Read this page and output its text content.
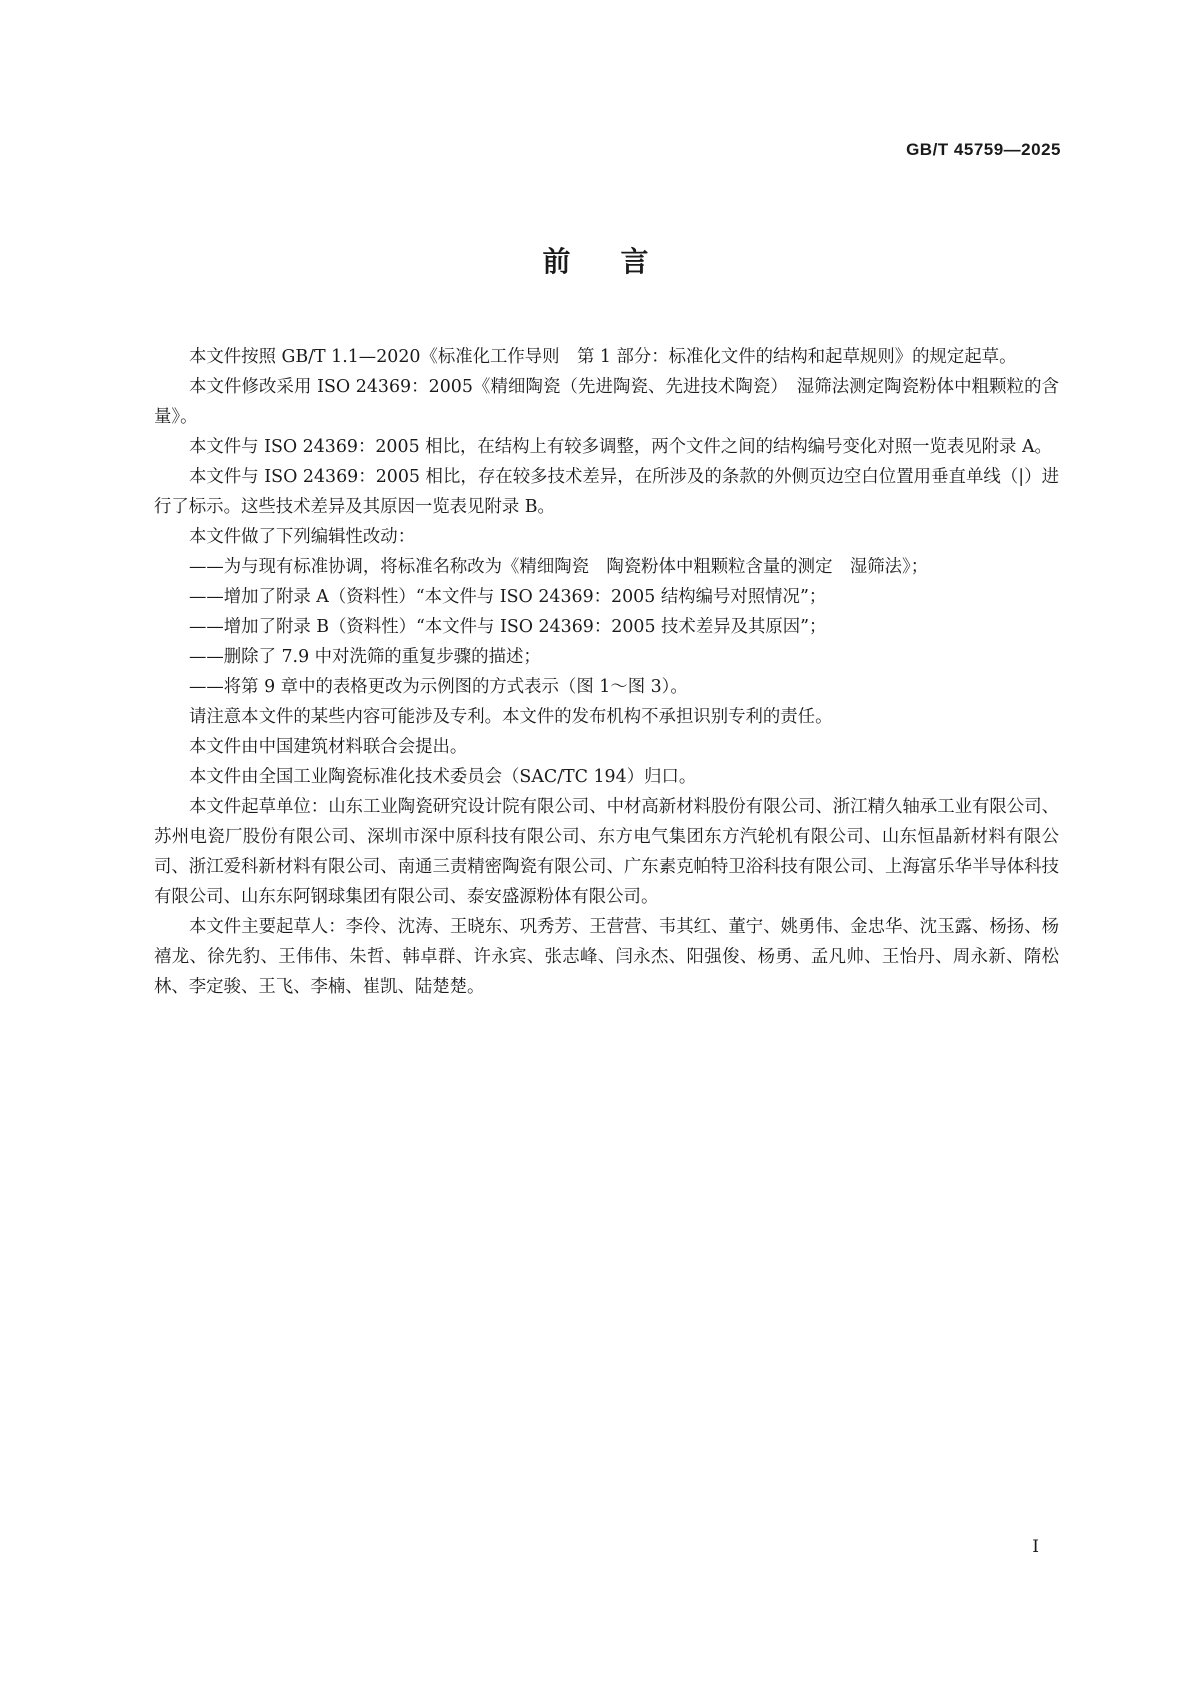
GB/T 45759—2025
前言

本文件按照 GB/T 1.1—2020《标准化工作导则　第 1 部分：标准化文件的结构和起草规则》的规定起草。

本文件修改采用 ISO 24369：2005《精细陶瓷（先进陶瓷、先进技术陶瓷）　湿筛法测定陶瓷粉体中粗颗粒的含量》。

本文件与 ISO 24369：2005 相比，在结构上有较多调整，两个文件之间的结构编号变化对照一览表见附录 A。

本文件与 ISO 24369：2005 相比，存在较多技术差异，在所涉及的条款的外侧页边空白位置用垂直单线（|）进行了标示。这些技术差异及其原因一览表见附录 B。

本文件做了下列编辑性改动：

——为与现有标准协调，将标准名称改为《精细陶瓷　陶瓷粉体中粗颗粒含量的测定　湿筛法》；

——增加了附录 A（资料性）“本文件与 ISO 24369：2005 结构编号对照情况”；

——增加了附录 B（资料性）“本文件与 ISO 24369：2005 技术差异及其原因”；

——删除了 7.9 中对洗筛的重复步骤的描述；

——将第 9 章中的表格更改为示例图的方式表示（图 1～图 3）。

请注意本文件的某些内容可能涉及专利。本文件的发布机构不承担识别专利的责任。

本文件由中国建筑材料联合会提出。

本文件由全国工业陶瓷标准化技术委员会（SAC/TC 194）归口。

本文件起草单位：山东工业陶瓷研究设计院有限公司、中材高新材料股份有限公司、浙江精久轴承工业有限公司、苏州电瓷厂股份有限公司、深圳市深中原科技有限公司、东方电气集团东方汽轮机有限公司、山东恒晶新材料有限公司、浙江爱科新材料有限公司、南通三责精密陶瓷有限公司、广东素克帕特卫浴科技有限公司、上海富乐华半导体科技有限公司、山东东阿钢球集团有限公司、泰安盛源粉体有限公司。

本文件主要起草人：李伶、沈涛、王晓东、巩秀芳、王营营、韦其红、董宁、姚勇伟、金忠华、沈玉露、杨扬、杨禧龙、徐先豹、王伟伟、朱哲、韩卓群、许永宾、张志峰、闫永杰、阳强俊、杨勇、孟凡帅、王怡丹、周永新、隋松林、李定骏、王飞、李楠、崔凯、陆楚楚。

I
